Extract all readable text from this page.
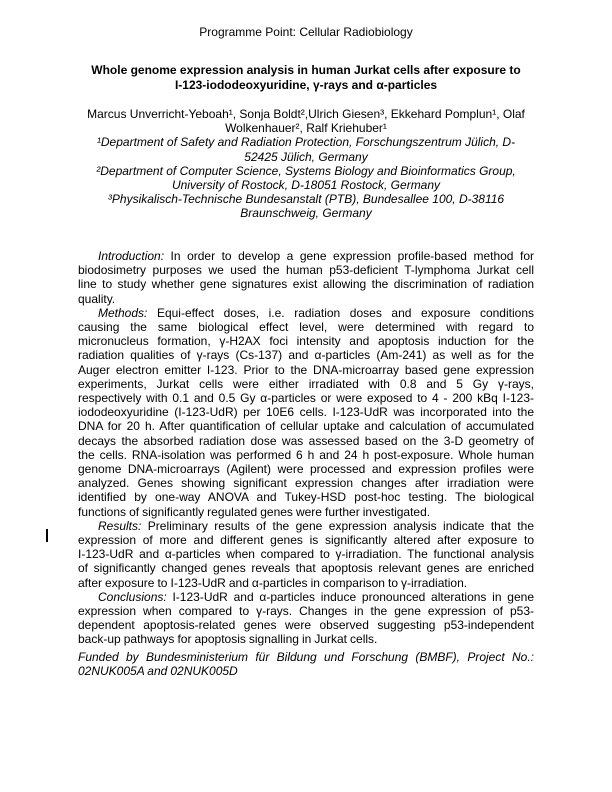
Programme Point: Cellular Radiobiology
Whole genome expression analysis in human Jurkat cells after exposure to
I-123-iododeoxyuridine, γ-rays and α-particles
Marcus Unverricht-Yeboah¹, Sonja Boldt²,Ulrich Giesen³, Ekkehard Pomplun¹, Olaf
Wolkenhauer², Ralf Kriehuber¹
¹Department of Safety and Radiation Protection, Forschungszentrum Jülich, D-
52425 Jülich, Germany
²Department of Computer Science, Systems Biology and Bioinformatics Group,
University of Rostock, D-18051 Rostock, Germany
³Physikalisch-Technische Bundesanstalt (PTB), Bundesallee 100, D-38116
Braunschweig, Germany
Introduction: In order to develop a gene expression profile-based method for
biodosimetry purposes we used the human p53-deficient T-lymphoma Jurkat cell
line to study whether gene signatures exist allowing the discrimination of radiation
quality.
Methods: Equi-effect doses, i.e. radiation doses and exposure conditions
causing the same biological effect level, were determined with regard to
micronucleus formation, γ-H2AX foci intensity and apoptosis induction for the
radiation qualities of γ-rays (Cs-137) and α-particles (Am-241) as well as for the
Auger electron emitter I-123. Prior to the DNA-microarray based gene expression
experiments, Jurkat cells were either irradiated with 0.8 and 5 Gy γ-rays,
respectively with 0.1 and 0.5 Gy α-particles or were exposed to 4 - 200 kBq I-123-
iododeoxyuridine (I-123-UdR) per 10E6 cells. I-123-UdR was incorporated into the
DNA for 20 h. After quantification of cellular uptake and calculation of accumulated
decays the absorbed radiation dose was assessed based on the 3-D geometry of
the cells. RNA-isolation was performed 6 h and 24 h post-exposure. Whole human
genome DNA-microarrays (Agilent) were processed and expression profiles were
analyzed. Genes showing significant expression changes after irradiation were
identified by one-way ANOVA and Tukey-HSD post-hoc testing. The biological
functions of significantly regulated genes were further investigated.
Results: Preliminary results of the gene expression analysis indicate that the
expression of more and different genes is significantly altered after exposure to
I-123-UdR and α-particles when compared to γ-irradiation. The functional analysis
of significantly changed genes reveals that apoptosis relevant genes are enriched
after exposure to I-123-UdR and α-particles in comparison to γ-irradiation.
Conclusions: I-123-UdR and α-particles induce pronounced alterations in gene
expression when compared to γ-rays. Changes in the gene expression of p53-
dependent apoptosis-related genes were observed suggesting p53-independent
back-up pathways for apoptosis signalling in Jurkat cells.
Funded by Bundesministerium für Bildung und Forschung (BMBF), Project No.:
02NUK005A and 02NUK005D
